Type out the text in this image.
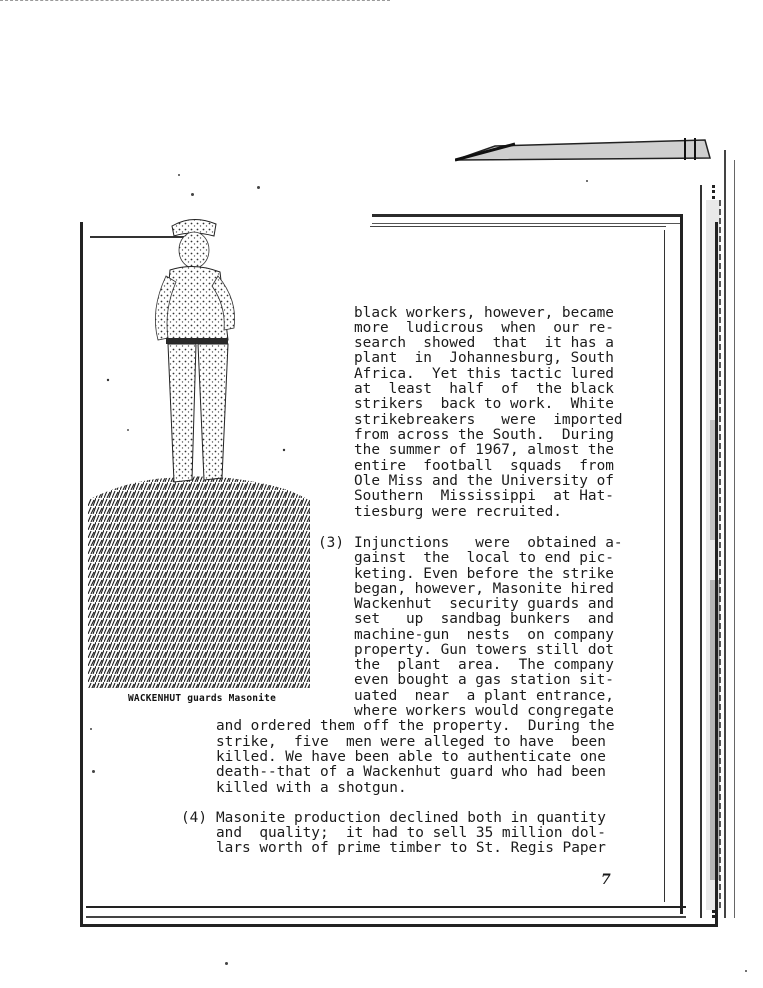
WACKENHUT guards Masonite
black workers, however, became
more  ludicrous  when  our re-
search  showed  that  it has a
plant  in  Johannesburg, South
Africa.  Yet this tactic lured
at  least  half  of  the black
strikers  back to work.  White
strikebreakers   were  imported
from across the South.  During
the summer of 1967, almost the
entire  football  squads  from
Ole Miss and the University of
Southern  Mississippi  at Hat-
tiesburg were recruited.
(3) Injunctions   were  obtained a-
gainst  the  local to end pic-
keting. Even before the strike
began, however, Masonite hired
Wackenhut  security guards and
set   up  sandbag bunkers  and
machine-gun  nests  on company
property. Gun towers still dot
the  plant  area.  The company
even bought a gas station sit-
uated  near  a plant entrance,
where workers would congregate
and ordered them off the property.  During the
strike,  five  men were alleged to have  been
killed. We have been able to authenticate one
death--that of a Wackenhut guard who had been
killed with a shotgun.
(4) Masonite production declined both in quantity
and  quality;  it had to sell 35 million dol-
lars worth of prime timber to St. Regis Paper
7
